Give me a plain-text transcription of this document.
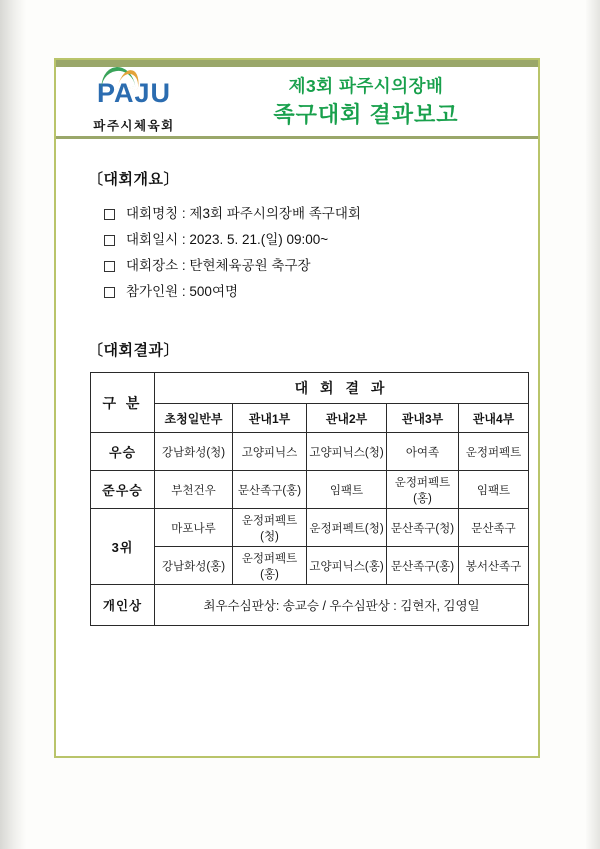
PAJU
파주시체육회
제3회 파주시의장배
족구대회 결과보고
〔대회개요〕
대회명칭 : 제3회 파주시의장배 족구대회
대회일시 : 2023. 5. 21.(일) 09:00~
대회장소 : 탄현체육공원 축구장
참가인원 : 500여명
〔대회결과〕
구 분	대 회 결 과				
	초청일반부	관내1부	관내2부	관내3부	관내4부
우승	강남화성(청)	고양피닉스	고양피닉스(청)	아여족	운정퍼펙트
준우승	부천건우	문산족구(홍)	임팩트	운정퍼펙트(홍)	임팩트
3위	마포나루	운정퍼펙트(청)	운정퍼펙트(청)	문산족구(청)	문산족구
	강남화성(홍)	운정퍼펙트(홍)	고양피닉스(홍)	문산족구(홍)	봉서산족구
개인상	최우수심판상: 송교승 / 우수심판상 : 김현자, 김영일				
